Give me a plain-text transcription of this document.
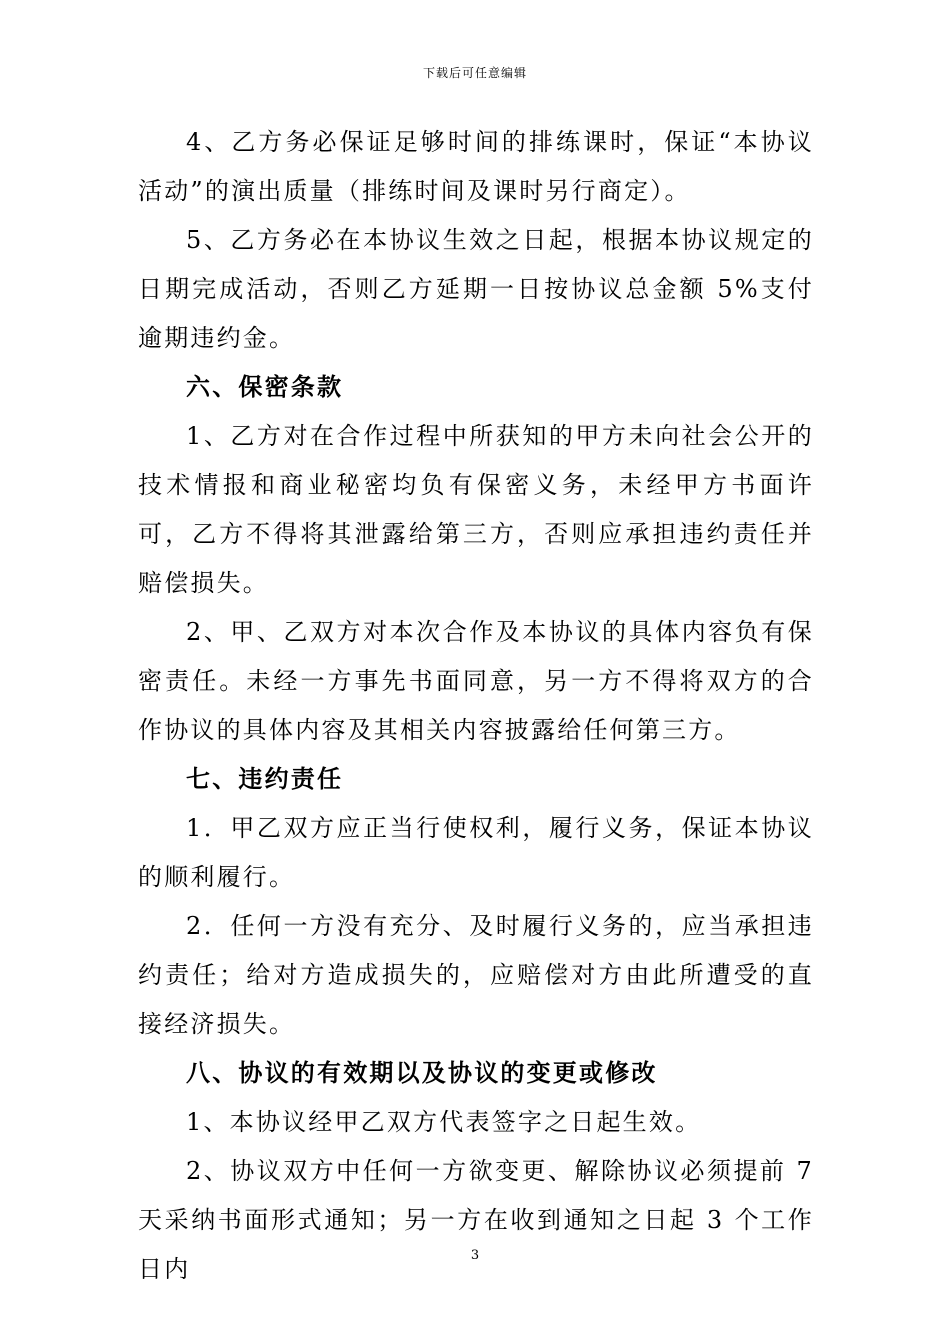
下载后可任意编辑

4、乙方务必保证足够时间的排练课时，保证“本协议活动”的演出质量（排练时间及课时另行商定）。

5、乙方务必在本协议生效之日起，根据本协议规定的日期完成活动，否则乙方延期一日按协议总金额 5%支付逾期违约金。

六、保密条款

1、乙方对在合作过程中所获知的甲方未向社会公开的技术情报和商业秘密均负有保密义务，未经甲方书面许可，乙方不得将其泄露给第三方，否则应承担违约责任并赔偿损失。

2、甲、乙双方对本次合作及本协议的具体内容负有保密责任。未经一方事先书面同意，另一方不得将双方的合作协议的具体内容及其相关内容披露给任何第三方。

七、违约责任

1．甲乙双方应正当行使权利，履行义务，保证本协议的顺利履行。

2．任何一方没有充分、及时履行义务的，应当承担违约责任；给对方造成损失的，应赔偿对方由此所遭受的直接经济损失。

八、协议的有效期以及协议的变更或修改

1、本协议经甲乙双方代表签字之日起生效。

2、协议双方中任何一方欲变更、解除协议必须提前 7 天采纳书面形式通知；另一方在收到通知之日起 3 个工作日内	3
